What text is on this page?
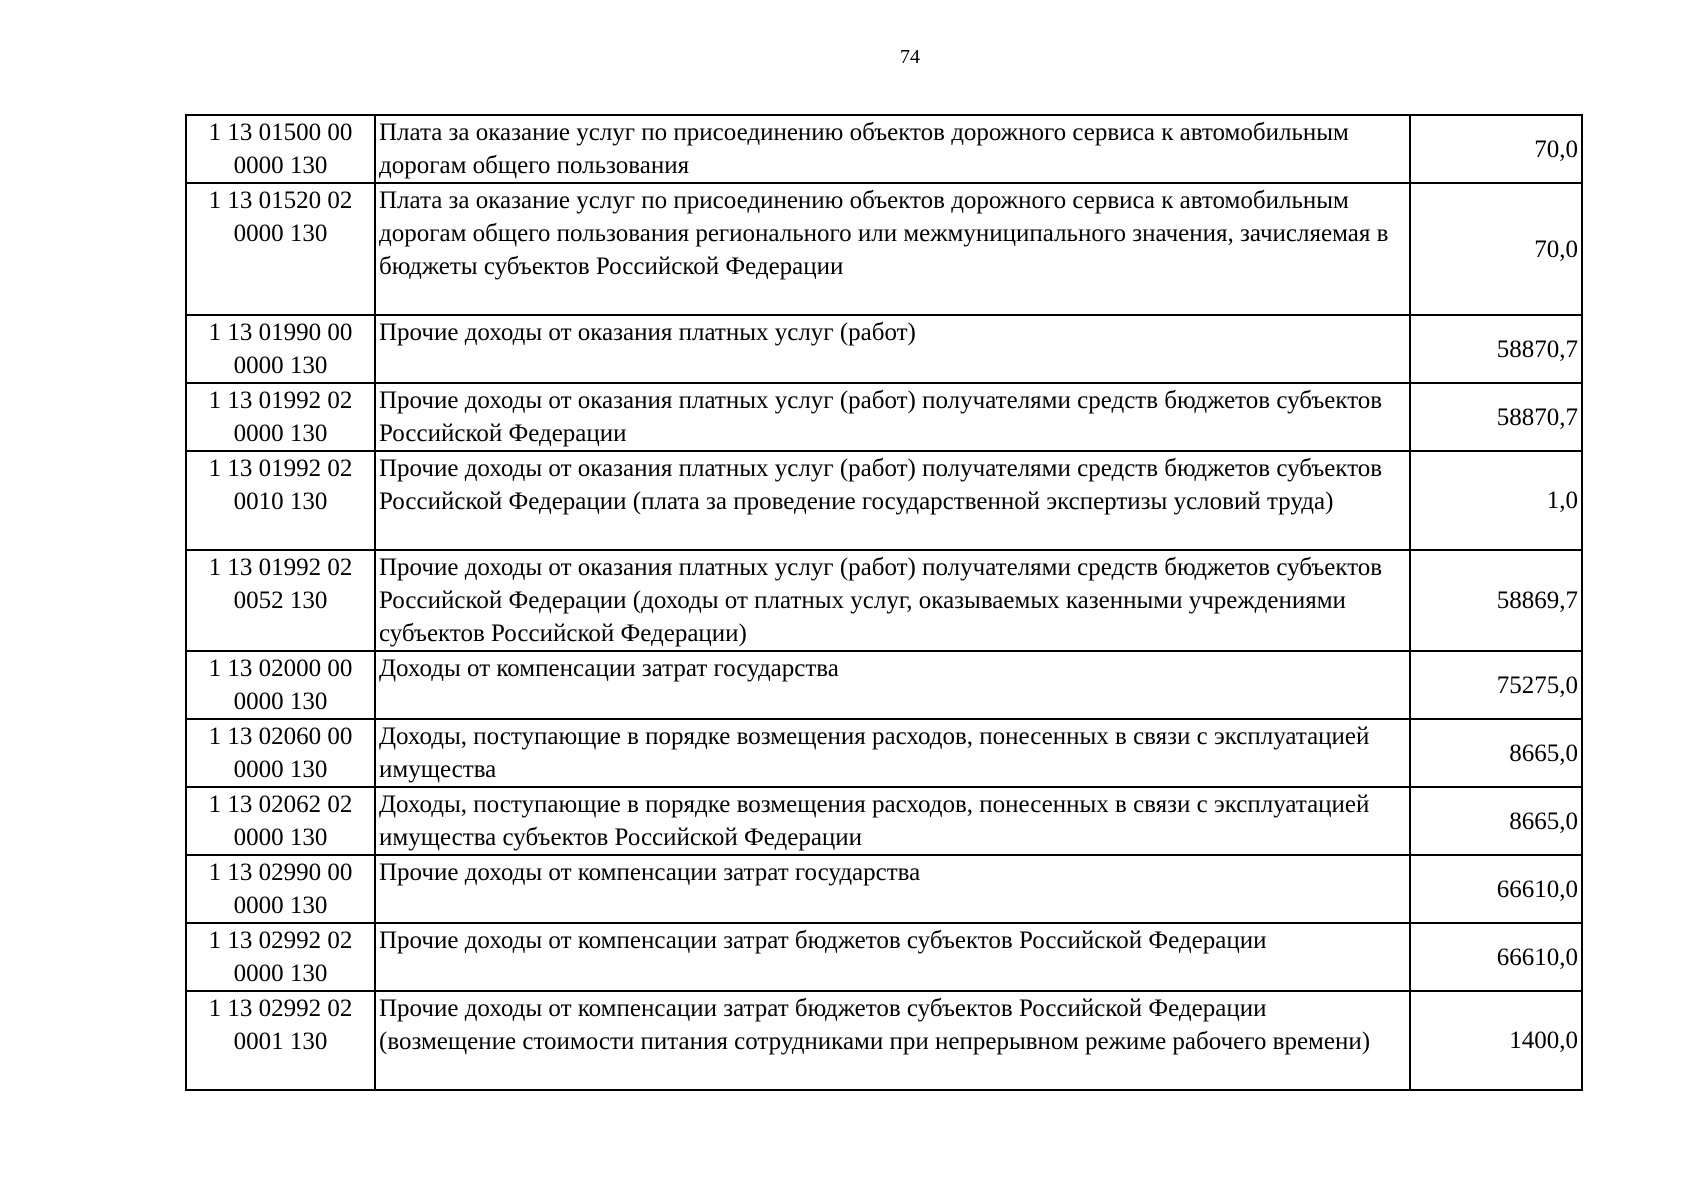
74
1 13 01500 00 0000 130	Плата за оказание услуг по присоединению объектов дорожного сервиса к автомобильным дорогам общего пользования	70,0
1 13 01520 02 0000 130	Плата за оказание услуг по присоединению объектов дорожного сервиса к автомобильным дорогам общего пользования регионального или межмуниципального значения, зачисляемая в бюджеты субъектов Российской Федерации	70,0
1 13 01990 00 0000 130	Прочие доходы от оказания платных услуг (работ)	58870,7
1 13 01992 02 0000 130	Прочие доходы от оказания платных услуг (работ) получателями средств бюджетов субъектов Российской Федерации	58870,7
1 13 01992 02 0010 130	Прочие доходы от оказания платных услуг (работ) получателями средств бюджетов субъектов Российской Федерации (плата за проведение государственной экспертизы условий труда)	1,0
1 13 01992 02 0052 130	Прочие доходы от оказания платных услуг (работ) получателями средств бюджетов субъектов Российской Федерации (доходы от платных услуг, оказываемых казенными учреждениями субъектов Российской Федерации)	58869,7
1 13 02000 00 0000 130	Доходы от компенсации затрат государства	75275,0
1 13 02060 00 0000 130	Доходы, поступающие в порядке возмещения расходов, понесенных в связи с эксплуатацией имущества	8665,0
1 13 02062 02 0000 130	Доходы, поступающие в порядке возмещения расходов, понесенных в связи с эксплуатацией имущества субъектов Российской Федерации	8665,0
1 13 02990 00 0000 130	Прочие доходы от компенсации затрат государства	66610,0
1 13 02992 02 0000 130	Прочие доходы от компенсации затрат бюджетов субъектов Российской Федерации	66610,0
1 13 02992 02 0001 130	Прочие доходы от компенсации затрат бюджетов субъектов Российской Федерации (возмещение стоимости питания сотрудниками при непрерывном режиме рабочего времени)	1400,0
